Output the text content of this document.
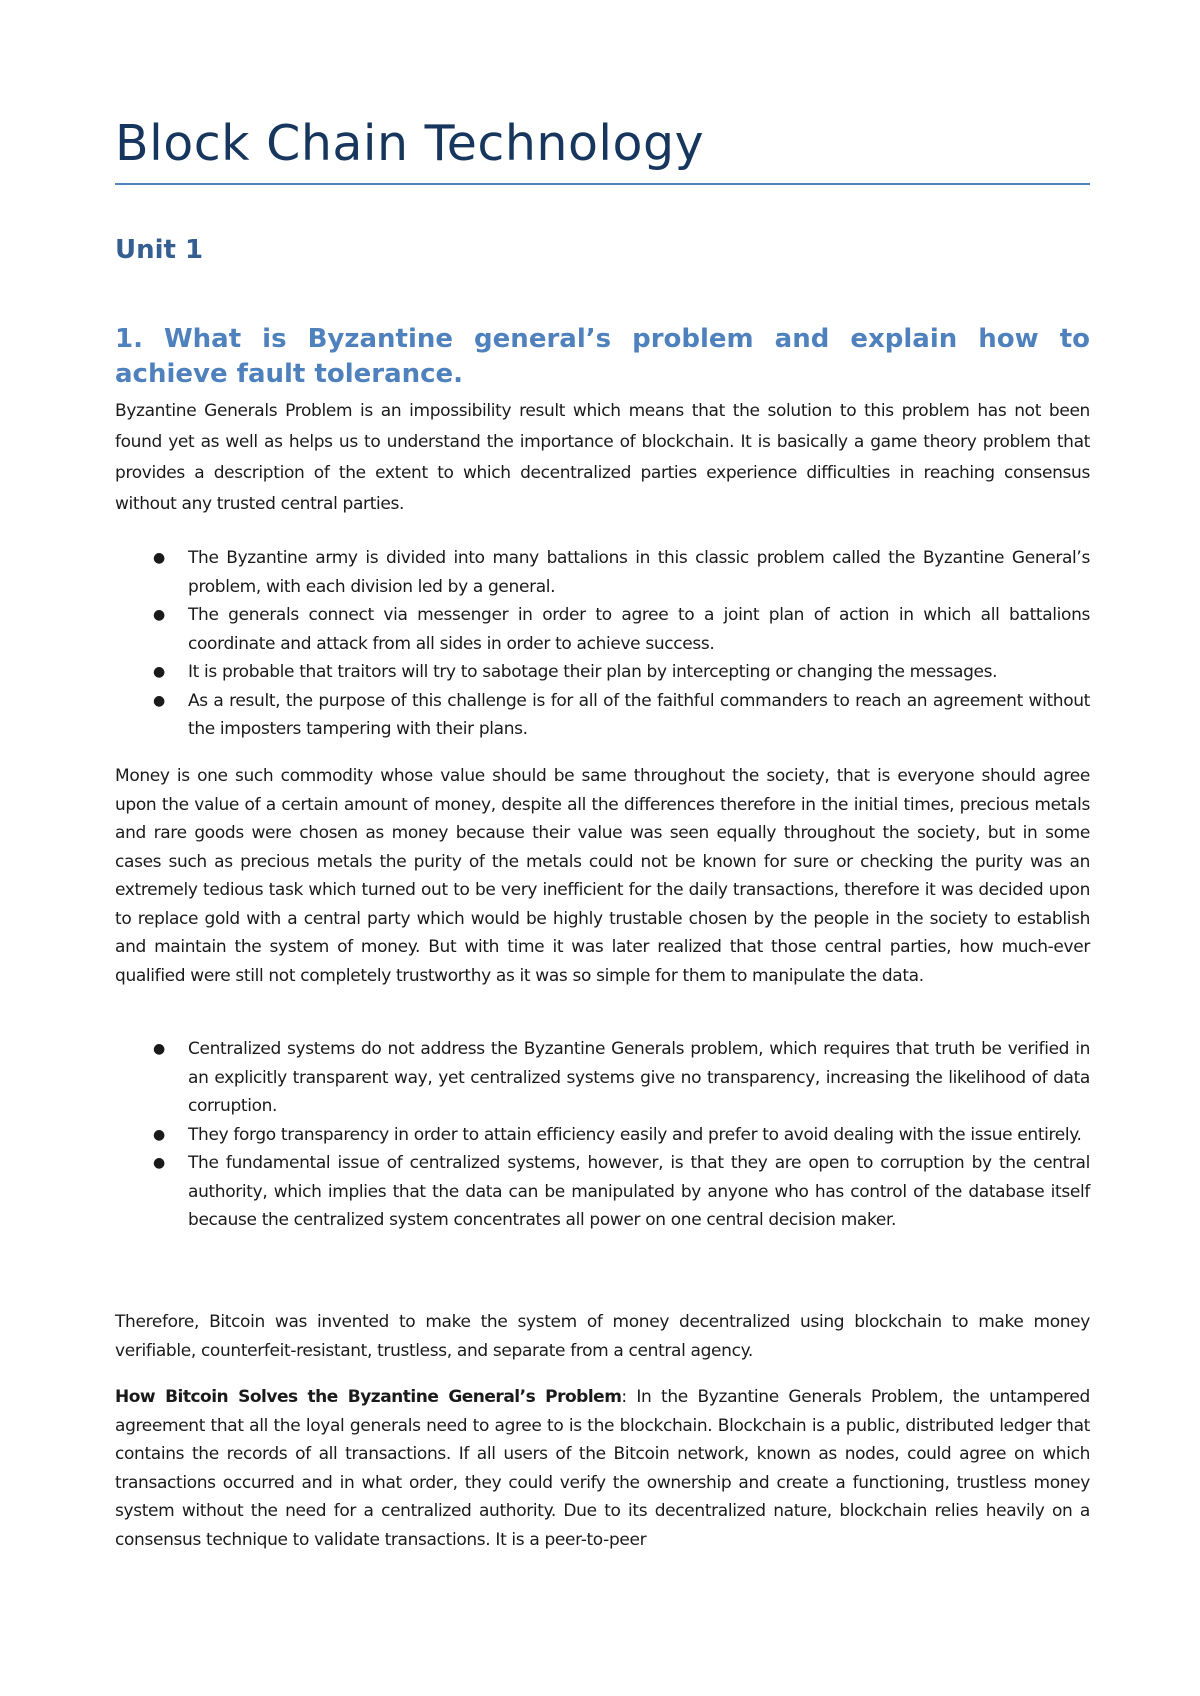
Block Chain Technology
Unit 1
1. What is Byzantine general’s problem and explain how to achieve fault tolerance.

Byzantine Generals Problem is an impossibility result which means that the solution to this problem has not been found yet as well as helps us to understand the importance of blockchain. It is basically a game theory problem that provides a description of the extent to which decentralized parties experience difficulties in reaching consensus without any trusted central parties.

● The Byzantine army is divided into many battalions in this classic problem called the Byzantine General’s problem, with each division led by a general.
● The generals connect via messenger in order to agree to a joint plan of action in which all battalions coordinate and attack from all sides in order to achieve success.
● It is probable that traitors will try to sabotage their plan by intercepting or changing the messages.
● As a result, the purpose of this challenge is for all of the faithful commanders to reach an agreement without the imposters tampering with their plans.

Money is one such commodity whose value should be same throughout the society, that is everyone should agree upon the value of a certain amount of money, despite all the differences therefore in the initial times, precious metals and rare goods were chosen as money because their value was seen equally throughout the society, but in some cases such as precious metals the purity of the metals could not be known for sure or checking the purity was an extremely tedious task which turned out to be very inefficient for the daily transactions, therefore it was decided upon to replace gold with a central party which would be highly trustable chosen by the people in the society to establish and maintain the system of money. But with time it was later realized that those central parties, how much-ever qualified were still not completely trustworthy as it was so simple for them to manipulate the data.

● Centralized systems do not address the Byzantine Generals problem, which requires that truth be verified in an explicitly transparent way, yet centralized systems give no transparency, increasing the likelihood of data corruption.
● They forgo transparency in order to attain efficiency easily and prefer to avoid dealing with the issue entirely.
● The fundamental issue of centralized systems, however, is that they are open to corruption by the central authority, which implies that the data can be manipulated by anyone who has control of the database itself because the centralized system concentrates all power on one central decision maker.

Therefore, Bitcoin was invented to make the system of money decentralized using blockchain to make money verifiable, counterfeit-resistant, trustless, and separate from a central agency.

How Bitcoin Solves the Byzantine General’s Problem: In the Byzantine Generals Problem, the untampered agreement that all the loyal generals need to agree to is the blockchain. Blockchain is a public, distributed ledger that contains the records of all transactions. If all users of the Bitcoin network, known as nodes, could agree on which transactions occurred and in what order, they could verify the ownership and create a functioning, trustless money system without the need for a centralized authority. Due to its decentralized nature, blockchain relies heavily on a consensus technique to validate transactions. It is a peer-to-peer
